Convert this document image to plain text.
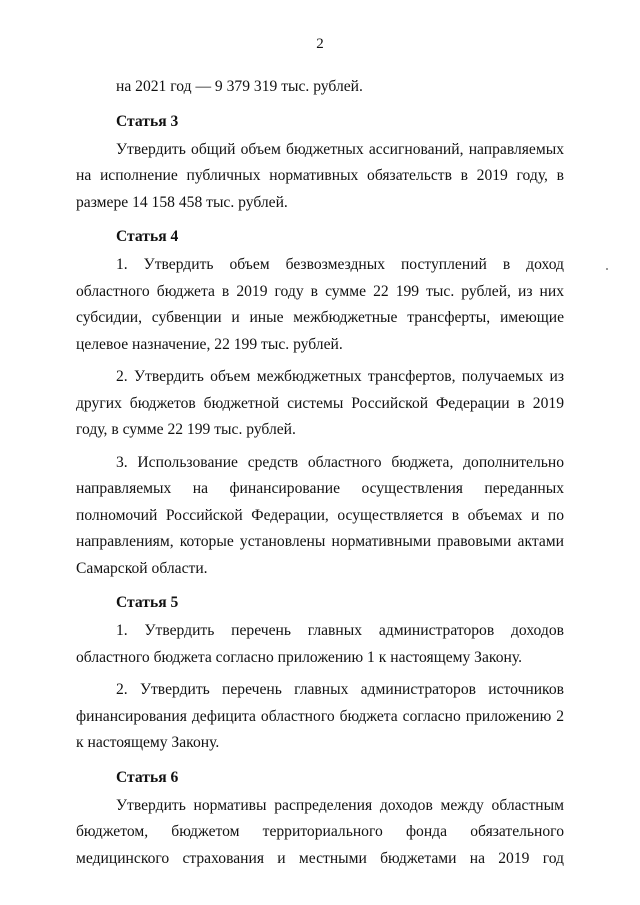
2

на 2021 год — 9 379 319 тыс. рублей.

Статья 3

Утвердить общий объем бюджетных ассигнований, направляемых на исполнение публичных нормативных обязательств в 2019 году, в размере 14 158 458 тыс. рублей.

Статья 4

1. Утвердить объем безвозмездных поступлений в доход областного бюджета в 2019 году в сумме 22 199 тыс. рублей, из них субсидии, субвенции и иные межбюджетные трансферты, имеющие целевое назначение, 22 199 тыс. рублей.

2. Утвердить объем межбюджетных трансфертов, получаемых из других бюджетов бюджетной системы Российской Федерации в 2019 году, в сумме 22 199 тыс. рублей.

3. Использование средств областного бюджета, дополнительно направляемых на финансирование осуществления переданных полномочий Российской Федерации, осуществляется в объемах и по направлениям, которые установлены нормативными правовыми актами Самарской области.

Статья 5

1. Утвердить перечень главных администраторов доходов областного бюджета согласно приложению 1 к настоящему Закону.

2. Утвердить перечень главных администраторов источников финансирования дефицита областного бюджета согласно приложению 2 к настоящему Закону.

Статья 6

Утвердить нормативы распределения доходов между областным бюджетом, бюджетом территориального фонда обязательного медицинского страхования и местными бюджетами на 2019 год
